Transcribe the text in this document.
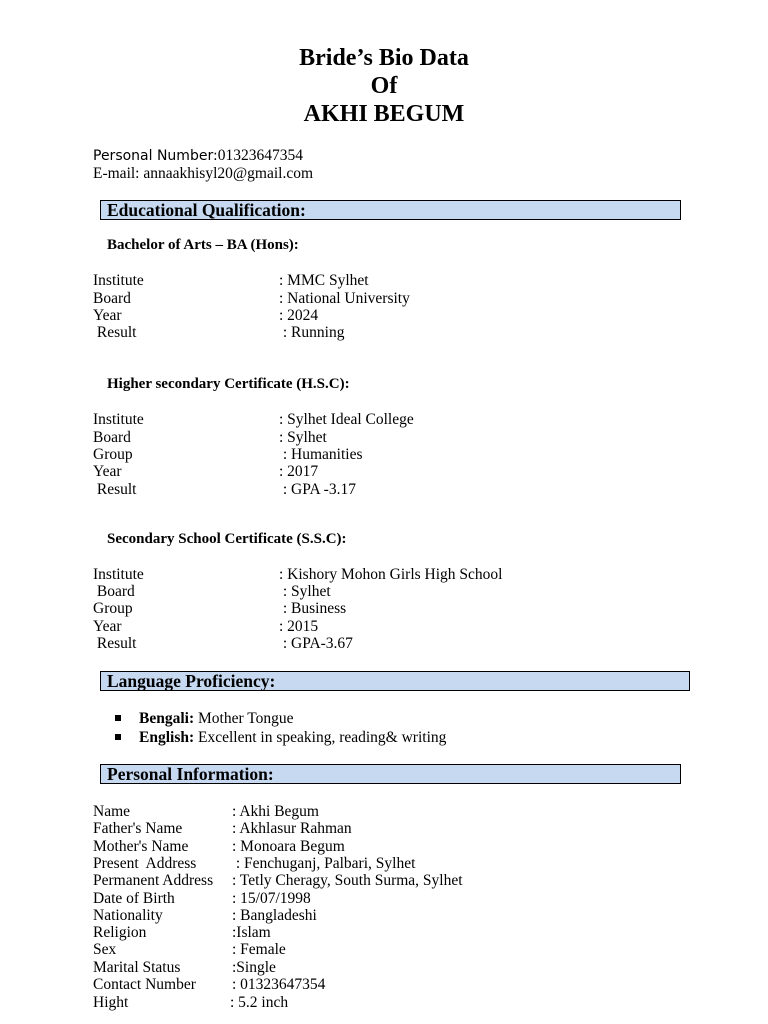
Bride’s Bio Data
Of
AKHI BEGUM
Personal Number:01323647354
E-mail: annaakhisyl20@gmail.com
Educational Qualification:
Bachelor of Arts – BA (Hons):
Institute	: MMC Sylhet
Board	: National University
Year	: 2024
Result	: Running
Higher secondary Certificate (H.S.C):
Institute	: Sylhet Ideal College
Board	: Sylhet
Group	: Humanities
Year	: 2017
Result	: GPA -3.17
Secondary School Certificate (S.S.C):
Institute	: Kishory Mohon Girls High School
Board	: Sylhet
Group	: Business
Year	: 2015
Result	: GPA-3.67
Language Proficiency:
Bengali: Mother Tongue
English: Excellent in speaking, reading& writing
Personal Information:
Name	: Akhi Begum
Father's Name	: Akhlasur Rahman
Mother's Name	: Monoara Begum
Present  Address : Fenchuganj, Palbari, Sylhet
Permanent Address : Tetly Cheragy, South Surma, Sylhet
Date of Birth	: 15/07/1998
Nationality	: Bangladeshi
Religion	:Islam
Sex	: Female
Marital Status	:Single
Contact Number : 01323647354
Hight	: 5.2 inch
